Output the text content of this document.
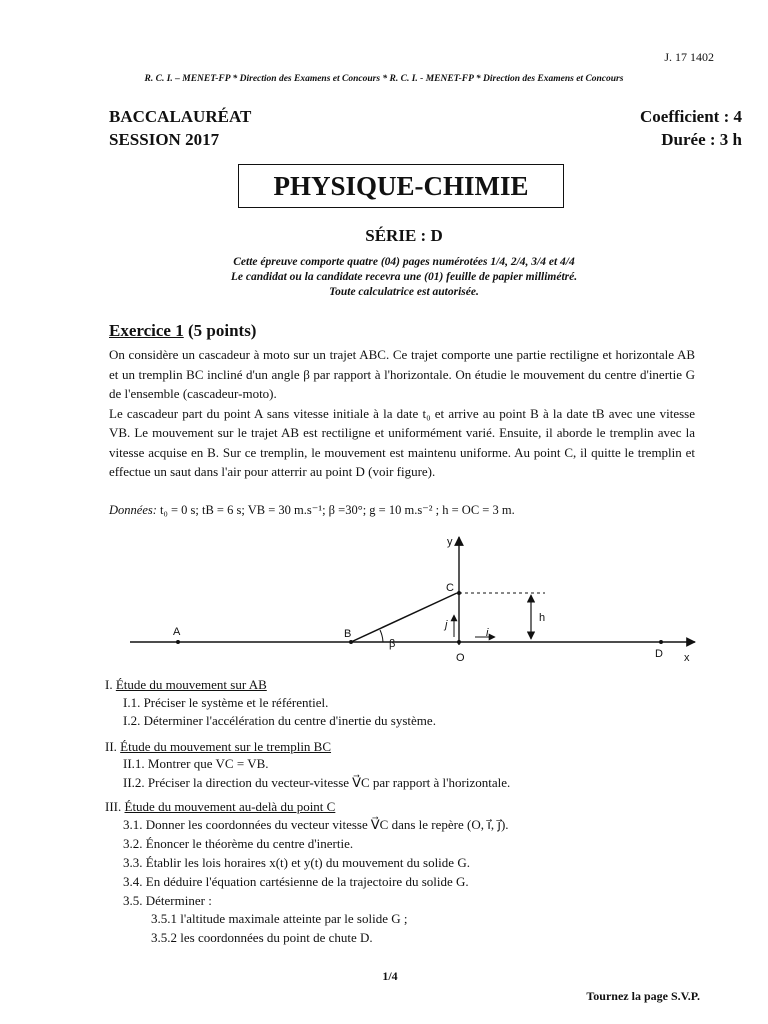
J. 17 1402
R. C. I. – MENET-FP * Direction des Examens et Concours * R. C. I. - MENET-FP * Direction des Examens et Concours
BACCALAURÉAT
SESSION 2017
Coefficient : 4
Durée : 3 h
PHYSIQUE-CHIMIE
SÉRIE : D
Cette épreuve comporte quatre (04) pages numérotées 1/4, 2/4, 3/4 et 4/4
Le candidat ou la candidate recevra une (01) feuille de papier millimétré.
Toute calculatrice est autorisée.
Exercice 1 (5 points)

On considère un cascadeur à moto sur un trajet ABC. Ce trajet comporte une partie rectiligne et horizontale AB et un tremplin BC incliné d'un angle β par rapport à l'horizontale. On étudie le mouvement du centre d'inertie G de l'ensemble (cascadeur-moto).

Le cascadeur part du point A sans vitesse initiale à la date t₀ et arrive au point B à la date tB avec une vitesse VB. Le mouvement sur le trajet AB est rectiligne et uniformément varié. Ensuite, il aborde le tremplin avec la vitesse acquise en B. Sur ce tremplin, le mouvement est maintenu uniforme. Au point C, il quitte le tremplin et effectue un saut dans l'air pour atterrir au point D (voir figure).

Données: t₀ = 0 s; tB = 6 s; VB = 30 m.s⁻¹; β =30°; g = 10 m.s⁻² ; h = OC = 3 m.
y
x
A	B
C
O	D
h
β
i
j
I. Étude du mouvement sur AB
I.1. Préciser le système et le référentiel.
I.2. Déterminer l'accélération du centre d'inertie du système.
II. Étude du mouvement sur le tremplin BC
II.1. Montrer que VC = VB.
II.2. Préciser la direction du vecteur-vitesse V⃗C par rapport à l'horizontale.
III. Étude du mouvement au-delà du point C
3.1. Donner les coordonnées du vecteur vitesse V⃗C dans le repère (O, i⃗, j⃗).
3.2. Énoncer le théorème du centre d'inertie.
3.3. Établir les lois horaires x(t) et y(t) du mouvement du solide G.
3.4. En déduire l'équation cartésienne de la trajectoire du solide G.
3.5. Déterminer :
3.5.1 l'altitude maximale atteinte par le solide G ;
3.5.2 les coordonnées du point de chute D.
1/4
Tournez la page S.V.P.
